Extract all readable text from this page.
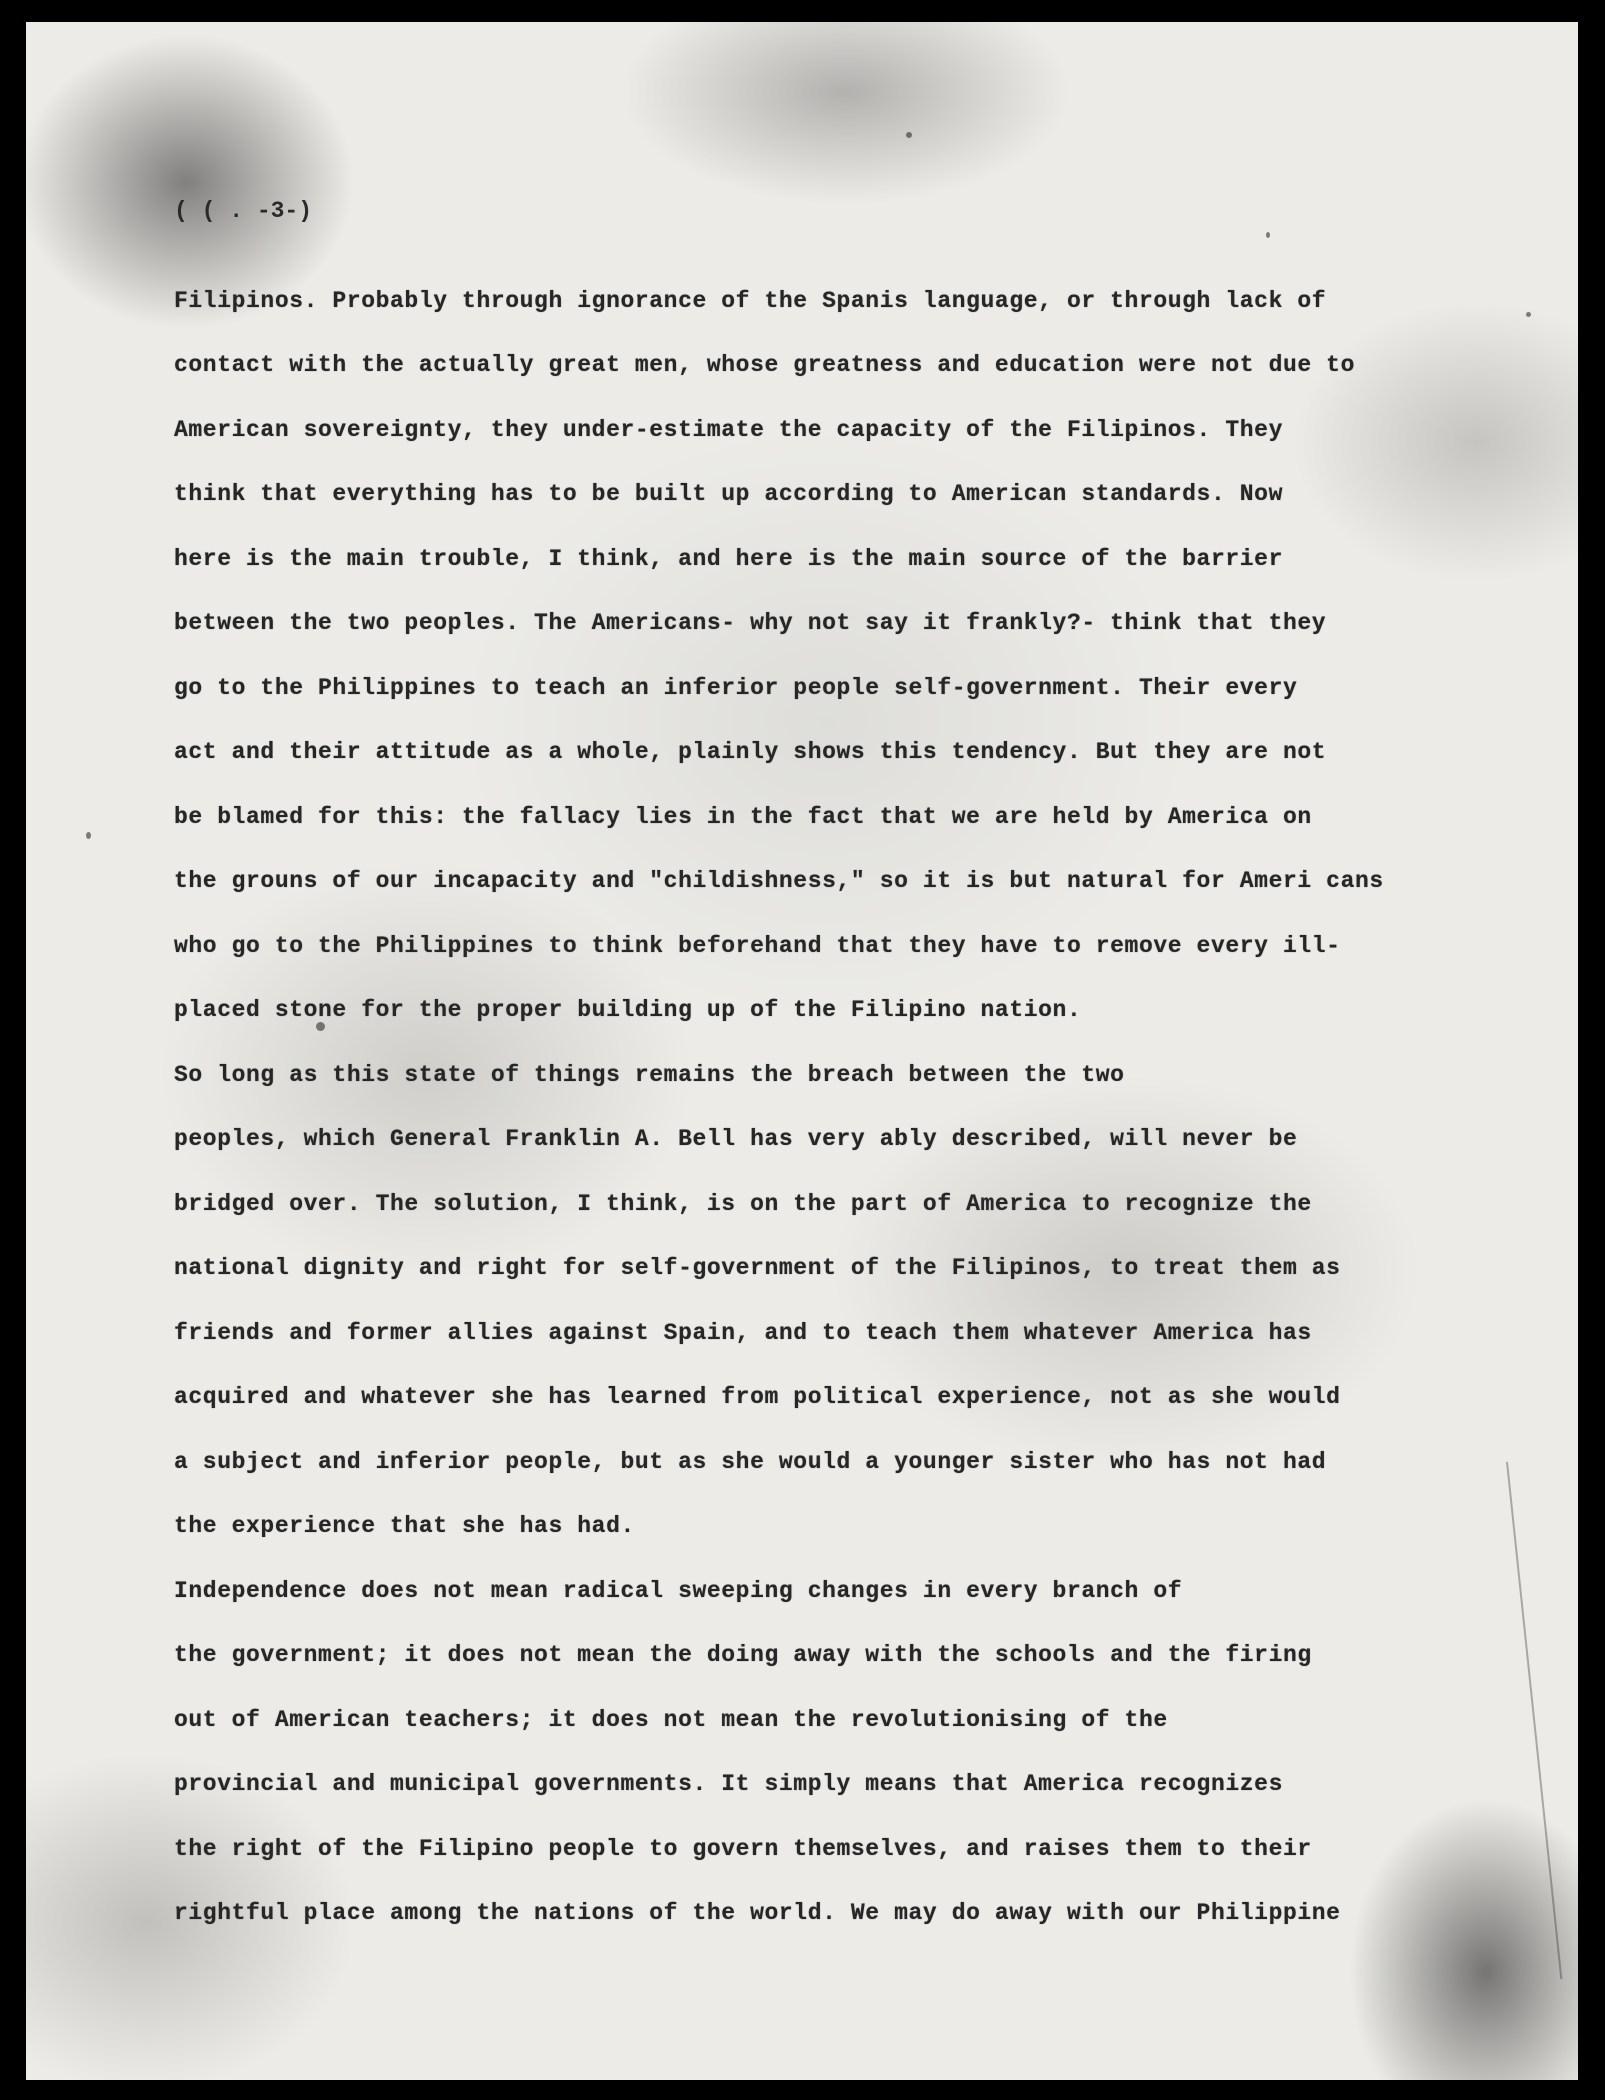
( ( . -3-)
Filipinos. Probably through ignorance of the Spanis language, or through lack of
contact with the actually great men, whose greatness and education were not due to
American sovereignty, they under-estimate the capacity of the Filipinos. They
think that everything has to be built up according to American standards. Now
here is the main trouble, I think, and here is the main source of the barrier
between the two peoples. The Americans- why not say it frankly?- think that they
go to the Philippines to teach an inferior people self-government. Their every
act and their attitude as a whole, plainly shows this tendency. But they are not
be blamed for this: the fallacy lies in the fact that we are held by America on
the grouns of our incapacity and "childishness," so it is but natural for Ameri cans
who go to the Philippines to think beforehand that they have to remove every ill-
placed stone for the proper building up of the Filipino nation.
So long as this state of things remains the breach between the two
peoples, which General Franklin A. Bell has very ably described, will never be
bridged over. The solution, I think, is on the part of America to recognize the
national dignity and right for self-government of the Filipinos, to treat them as
friends and former allies against Spain, and to teach them whatever America has
acquired and whatever she has learned from political experience, not as she would
a subject and inferior people, but as she would a younger sister who has not had
the experience that she has had.
Independence does not mean radical sweeping changes in every branch of
the government; it does not mean the doing away with the schools and the firing
out of American teachers; it does not mean the revolutionising of the
provincial and municipal governments. It simply means that America recognizes
the right of the Filipino people to govern themselves, and raises them to their
rightful place among the nations of the world. We may do away with our Philippine
